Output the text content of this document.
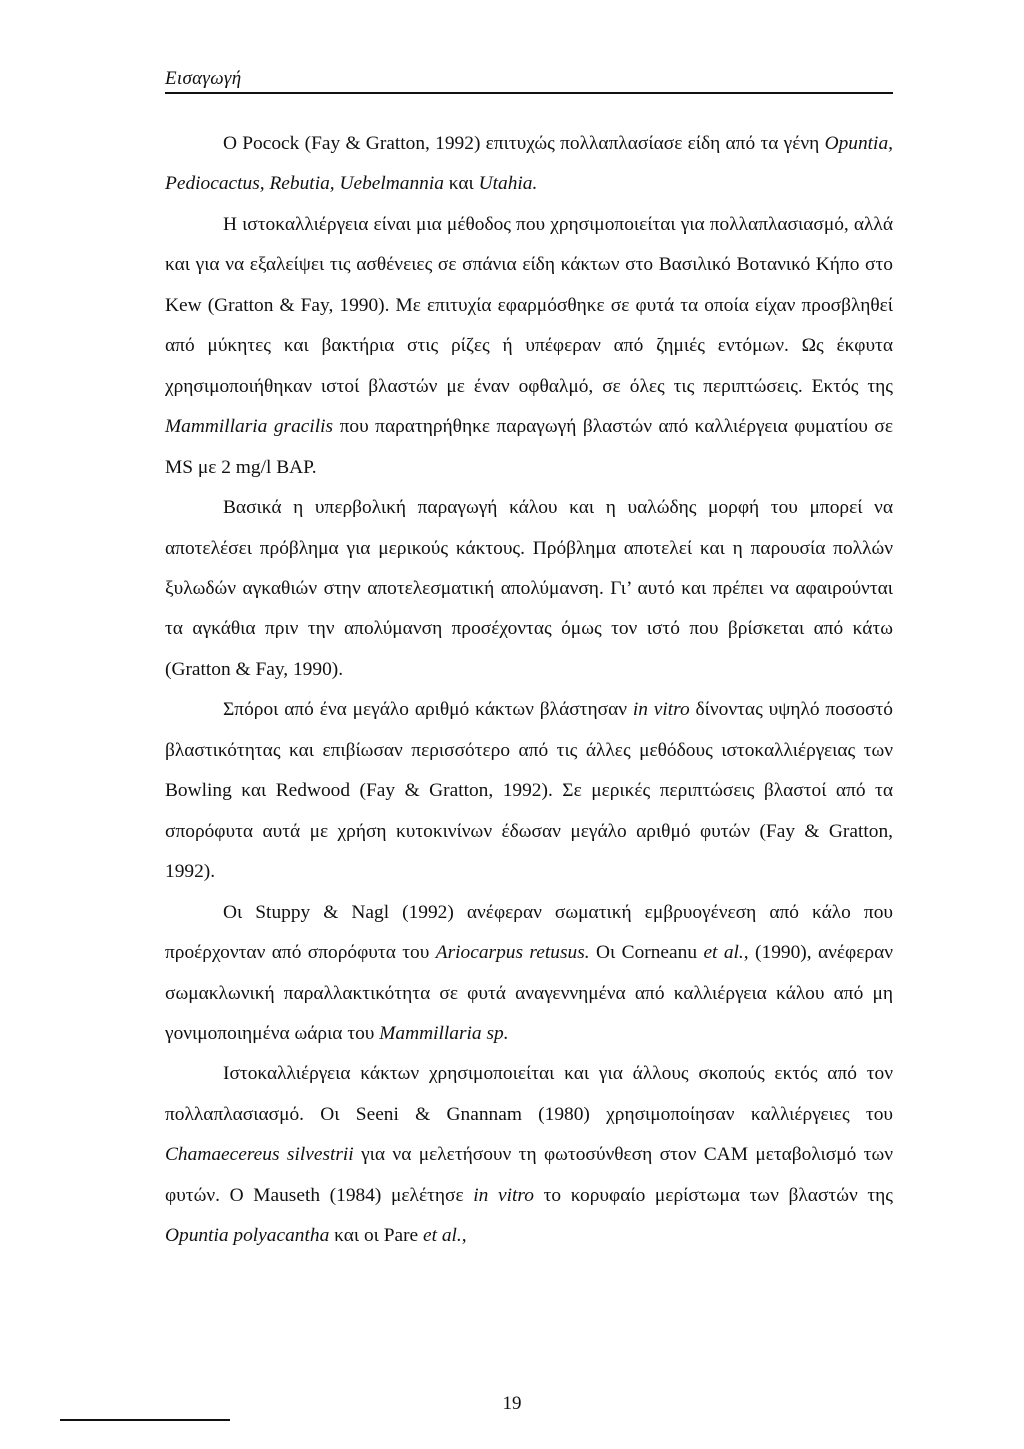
Εισαγωγή

Ο Pocock (Fay & Gratton, 1992) επιτυχώς πολλαπλασίασε είδη από τα γένη Opuntia, Pediocactus, Rebutia, Uebelmannia και Utahia.

Η ιστοκαλλιέργεια είναι μια μέθοδος που χρησιμοποιείται για πολλαπλασιασμό, αλλά και για να εξαλείψει τις ασθένειες σε σπάνια είδη κάκτων στο Βασιλικό Βοτανικό Κήπο στο Kew (Gratton & Fay, 1990). Με επιτυχία εφαρμόσθηκε σε φυτά τα οποία είχαν προσβληθεί από μύκητες και βακτήρια στις ρίζες ή υπέφεραν από ζημιές εντόμων. Ως έκφυτα χρησιμοποιήθηκαν ιστοί βλαστών με έναν οφθαλμό, σε όλες τις περιπτώσεις. Εκτός της Mammillaria gracilis που παρατηρήθηκε παραγωγή βλαστών από καλλιέργεια φυματίου σε MS με 2 mg/l BAP.

Βασικά η υπερβολική παραγωγή κάλου και η υαλώδης μορφή του μπορεί να αποτελέσει πρόβλημα για μερικούς κάκτους. Πρόβλημα αποτελεί και η παρουσία πολλών ξυλωδών αγκαθιών στην αποτελεσματική απολύμανση. Γι’ αυτό και πρέπει να αφαιρούνται τα αγκάθια πριν την απολύμανση προσέχοντας όμως τον ιστό που βρίσκεται από κάτω (Gratton & Fay, 1990).

Σπόροι από ένα μεγάλο αριθμό κάκτων βλάστησαν in vitro δίνοντας υψηλό ποσοστό βλαστικότητας και επιβίωσαν περισσότερο από τις άλλες μεθόδους ιστοκαλλιέργειας των Bowling και Redwood (Fay & Gratton, 1992). Σε μερικές περιπτώσεις βλαστοί από τα σπορόφυτα αυτά με χρήση κυτοκινίνων έδωσαν μεγάλο αριθμό φυτών (Fay & Gratton, 1992).

Οι Stuppy & Nagl (1992) ανέφεραν σωματική εμβρυογένεση από κάλο που προέρχονταν από σπορόφυτα του Ariocarpus retusus. Οι Corneanu et al., (1990), ανέφεραν σωμακλωνική παραλλακτικότητα σε φυτά αναγεννημένα από καλλιέργεια κάλου από μη γονιμοποιημένα ωάρια του Mammillaria sp.

Ιστοκαλλιέργεια κάκτων χρησιμοποιείται και για άλλους σκοπούς εκτός από τον πολλαπλασιασμό. Οι Seeni & Gnannam (1980) χρησιμοποίησαν καλλιέργειες του Chamaecereus silvestrii για να μελετήσουν τη φωτοσύνθεση στον CAM μεταβολισμό των φυτών. Ο Mauseth (1984) μελέτησε in vitro το κορυφαίο μερίστωμα των βλαστών της Opuntia polyacantha και οι Pare et al.,

19
